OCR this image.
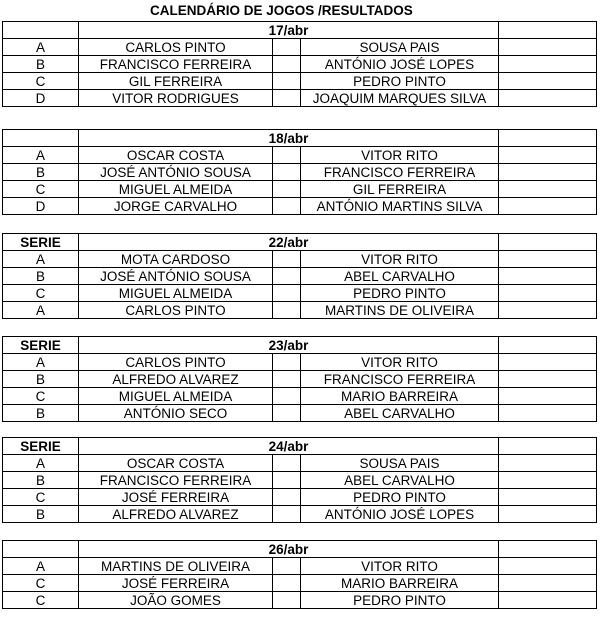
CALENDÁRIO DE JOGOS /RESULTADOS
	17/abr			
A	CARLOS PINTO		SOUSA PAIS	
B	FRANCISCO FERREIRA		ANTÓNIO JOSÉ LOPES	
C	GIL FERREIRA		PEDRO PINTO	
D	VITOR RODRIGUES		JOAQUIM MARQUES SILVA	
	18/abr			
A	OSCAR COSTA		VITOR RITO	
B	JOSÉ ANTÓNIO SOUSA		FRANCISCO FERREIRA	
C	MIGUEL ALMEIDA		GIL FERREIRA	
D	JORGE CARVALHO		ANTÓNIO MARTINS SILVA	
SERIE	22/abr			
A	MOTA CARDOSO		VITOR RITO	
B	JOSÉ ANTÓNIO SOUSA		ABEL CARVALHO	
C	MIGUEL ALMEIDA		PEDRO PINTO	
A	CARLOS PINTO		MARTINS DE OLIVEIRA	
SERIE	23/abr			
A	CARLOS PINTO		VITOR RITO	
B	ALFREDO ALVAREZ		FRANCISCO FERREIRA	
C	MIGUEL ALMEIDA		MARIO BARREIRA	
B	ANTÓNIO SECO		ABEL CARVALHO	
SERIE	24/abr			
A	OSCAR COSTA		SOUSA PAIS	
B	FRANCISCO FERREIRA		ABEL CARVALHO	
C	JOSÉ FERREIRA		PEDRO PINTO	
B	ALFREDO ALVAREZ		ANTÓNIO JOSÉ LOPES	
	26/abr			
A	MARTINS DE OLIVEIRA		VITOR RITO	
C	JOSÉ FERREIRA		MARIO BARREIRA	
C	JOÃO GOMES		PEDRO PINTO	
